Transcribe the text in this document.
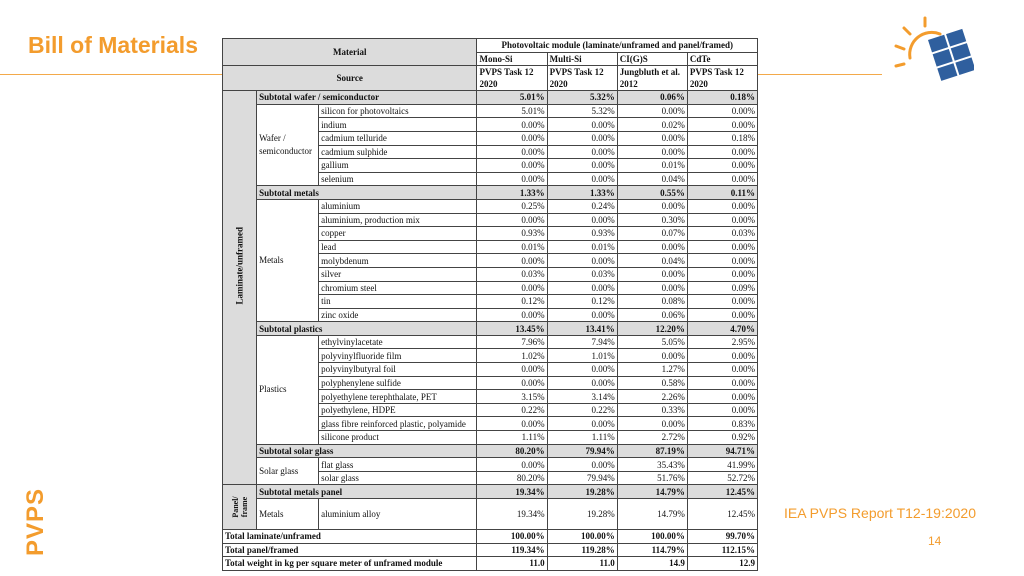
Bill of Materials
PVPS	IEA PVPS Report T12-19:2020
14
Material			Photovoltaic module (laminate/unframed and panel/framed)			
			Mono-Si	Multi-Si	CI(G)S	CdTe
Source			PVPS Task 12 2020	PVPS Task 12 2020	Jungbluth et al. 2012	PVPS Task 12 2020

Laminate/unframed	Subtotal wafer / semiconductor		5.01%	5.32%	0.06%	0.18%
	Wafer / semiconductor	silicon for photovoltaics	5.01%	5.32%	0.00%	0.00%
		indium	0.00%	0.00%	0.02%	0.00%
		cadmium telluride	0.00%	0.00%	0.00%	0.18%
		cadmium sulphide	0.00%	0.00%	0.00%	0.00%
		gallium	0.00%	0.00%	0.01%	0.00%
		selenium	0.00%	0.00%	0.04%	0.00%
	Subtotal metals		1.33%	1.33%	0.55%	0.11%
	Metals	aluminium	0.25%	0.24%	0.00%	0.00%
		aluminium, production mix	0.00%	0.00%	0.30%	0.00%
		copper	0.93%	0.93%	0.07%	0.03%
		lead	0.01%	0.01%	0.00%	0.00%
		molybdenum	0.00%	0.00%	0.04%	0.00%
		silver	0.03%	0.03%	0.00%	0.00%
		chromium steel	0.00%	0.00%	0.00%	0.09%
		tin	0.12%	0.12%	0.08%	0.00%
		zinc oxide	0.00%	0.00%	0.06%	0.00%
	Subtotal plastics		13.45%	13.41%	12.20%	4.70%
	Plastics	ethylvinylacetate	7.96%	7.94%	5.05%	2.95%
		polyvinylfluoride film	1.02%	1.01%	0.00%	0.00%
		polyvinylbutyral foil	0.00%	0.00%	1.27%	0.00%
		polyphenylene sulfide	0.00%	0.00%	0.58%	0.00%
		polyethylene terephthalate, PET	3.15%	3.14%	2.26%	0.00%
		polyethylene, HDPE	0.22%	0.22%	0.33%	0.00%
		glass fibre reinforced plastic, polyamide	0.00%	0.00%	0.00%	0.83%
		silicone product	1.11%	1.11%	2.72%	0.92%
	Subtotal solar glass		80.20%	79.94%	87.19%	94.71%
	Solar glass	flat glass	0.00%	0.00%	35.43%	41.99%
		solar glass	80.20%	79.94%	51.76%	52.72%

Panel/ frame	Subtotal metals panel		19.34%	19.28%	14.79%	12.45%
	Metals	aluminium alloy	19.34%	19.28%	14.79%	12.45%
Total laminate/unframed			100.00%	100.00%	100.00%	99.70%
Total panel/framed			119.34%	119.28%	114.79%	112.15%
Total weight in kg per square meter of unframed module			11.0	11.0	14.9	12.9
